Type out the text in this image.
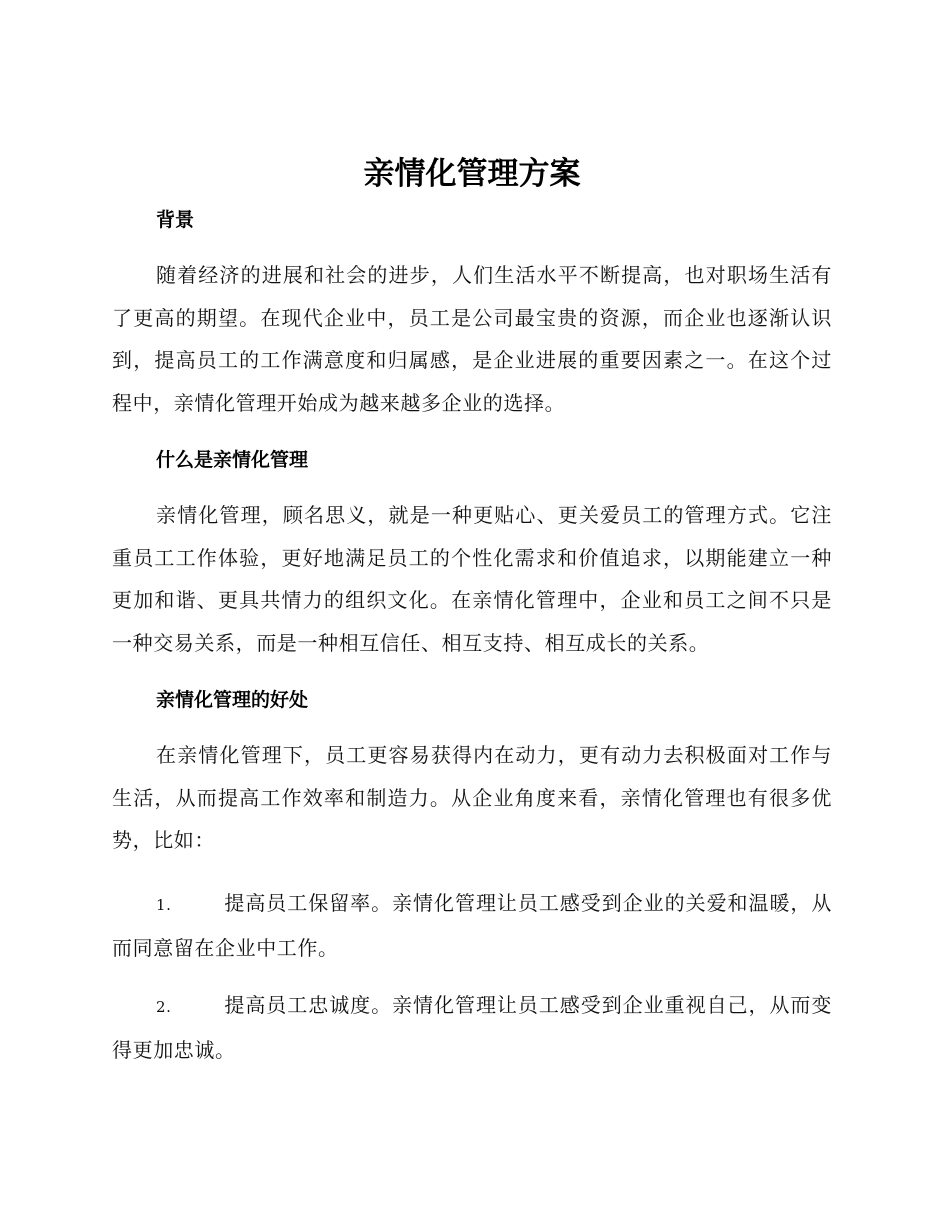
亲情化管理方案
背景

随着经济的进展和社会的进步，人们生活水平不断提高，也对职场生活有了更高的期望。在现代企业中，员工是公司最宝贵的资源，而企业也逐渐认识到，提高员工的工作满意度和归属感，是企业进展的重要因素之一。在这个过程中，亲情化管理开始成为越来越多企业的选择。

什么是亲情化管理

亲情化管理，顾名思义，就是一种更贴心、更关爱员工的管理方式。它注重员工工作体验，更好地满足员工的个性化需求和价值追求，以期能建立一种更加和谐、更具共情力的组织文化。在亲情化管理中，企业和员工之间不只是一种交易关系，而是一种相互信任、相互支持、相互成长的关系。

亲情化管理的好处

在亲情化管理下，员工更容易获得内在动力，更有动力去积极面对工作与生活，从而提高工作效率和制造力。从企业角度来看，亲情化管理也有很多优势，比如：

1.	提高员工保留率。亲情化管理让员工感受到企业的关爱和温暖，从而同意留在企业中工作。

2.	提高员工忠诚度。亲情化管理让员工感受到企业重视自己，从而变得更加忠诚。
